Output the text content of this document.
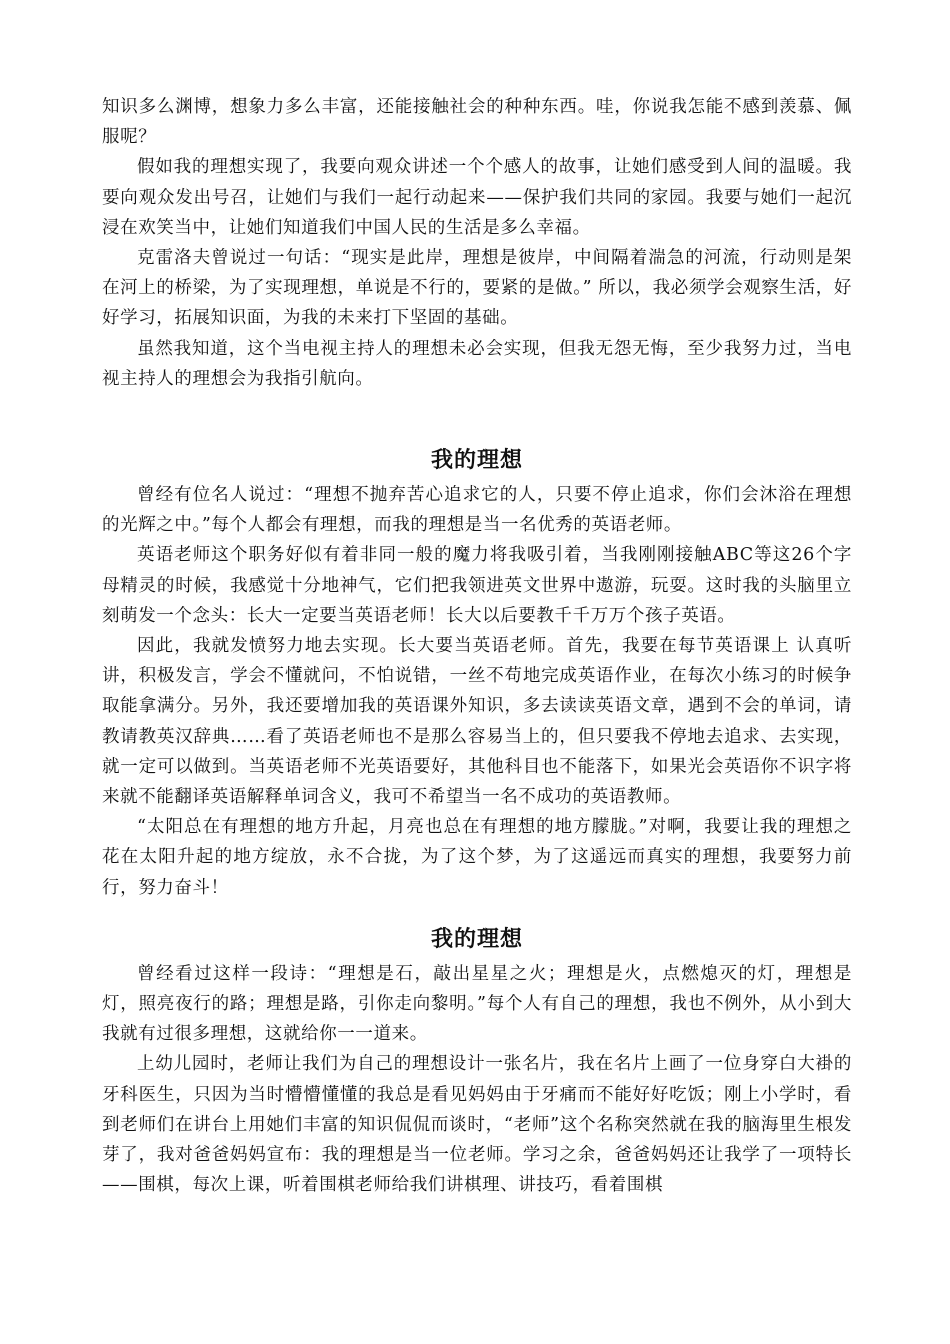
知识多么渊博，想象力多么丰富，还能接触社会的种种东西。哇，你说我怎能不感到羡慕、佩服呢？

假如我的理想实现了，我要向观众讲述一个个感人的故事，让她们感受到人间的温暖。我要向观众发出号召，让她们与我们一起行动起来——保护我们共同的家园。我要与她们一起沉浸在欢笑当中，让她们知道我们中国人民的生活是多么幸福。

克雷洛夫曾说过一句话：“现实是此岸，理想是彼岸，中间隔着湍急的河流，行动则是架在河上的桥梁，为了实现理想，单说是不行的，要紧的是做。” 所以，我必须学会观察生活，好好学习，拓展知识面，为我的未来打下坚固的基础。

虽然我知道，这个当电视主持人的理想未必会实现，但我无怨无悔，至少我努力过，当电视主持人的理想会为我指引航向。

我的理想

曾经有位名人说过：“理想不抛弃苦心追求它的人，只要不停止追求，你们会沐浴在理想的光辉之中。”每个人都会有理想，而我的理想是当一名优秀的英语老师。

英语老师这个职务好似有着非同一般的魔力将我吸引着，当我刚刚接触ABC等这26个字母精灵的时候，我感觉十分地神气，它们把我领进英文世界中遨游，玩耍。这时我的头脑里立刻萌发一个念头：长大一定要当英语老师！长大以后要教千千万万个孩子英语。

因此，我就发愤努力地去实现。长大要当英语老师。首先，我要在每节英语课上 认真听讲，积极发言，学会不懂就问，不怕说错，一丝不苟地完成英语作业，在每次小练习的时候争取能拿满分。另外，我还要增加我的英语课外知识，多去读读英语文章，遇到不会的单词，请教请教英汉辞典……看了英语老师也不是那么容易当上的，但只要我不停地去追求、去实现，就一定可以做到。当英语老师不光英语要好，其他科目也不能落下，如果光会英语你不识字将来就不能翻译英语解释单词含义，我可不希望当一名不成功的英语教师。

“太阳总在有理想的地方升起，月亮也总在有理想的地方朦胧。”对啊，我要让我的理想之花在太阳升起的地方绽放，永不合拢，为了这个梦，为了这遥远而真实的理想，我要努力前行，努力奋斗！

我的理想

曾经看过这样一段诗：“理想是石，敲出星星之火；理想是火，点燃熄灭的灯，理想是灯，照亮夜行的路；理想是路，引你走向黎明。”每个人有自己的理想，我也不例外，从小到大我就有过很多理想，这就给你一一道来。

上幼儿园时，老师让我们为自己的理想设计一张名片，我在名片上画了一位身穿白大褂的牙科医生，只因为当时懵懵懂懂的我总是看见妈妈由于牙痛而不能好好吃饭；刚上小学时，看到老师们在讲台上用她们丰富的知识侃侃而谈时，“老师”这个名称突然就在我的脑海里生根发芽了，我对爸爸妈妈宣布：我的理想是当一位老师。学习之余，爸爸妈妈还让我学了一项特长——围棋，每次上课，听着围棋老师给我们讲棋理、讲技巧，看着围棋
